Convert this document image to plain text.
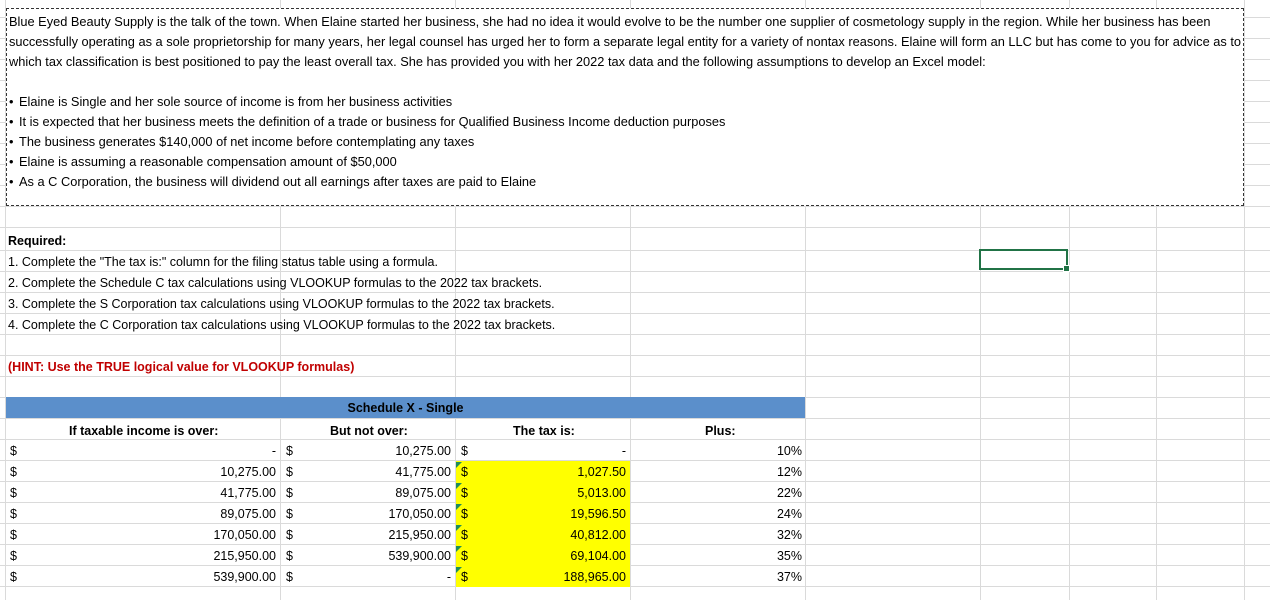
Blue Eyed Beauty Supply is the talk of the town. When Elaine started her business, she had no idea it would evolve to be the number one supplier of cosmetology supply in the region. While her business has been successfully operating as a sole proprietorship for many years, her legal counsel has urged her to form a separate legal entity for a variety of nontax reasons. Elaine will form an LLC but has come to you for advice as to which tax classification is best positioned to pay the least overall tax. She has provided you with her 2022 tax data and the following assumptions to develop an Excel model:

• Elaine is Single and her sole source of income is from her business activities
• It is expected that her business meets the definition of a trade or business for Qualified Business Income deduction purposes
• The business generates $140,000 of net income before contemplating any taxes
• Elaine is assuming a reasonable compensation amount of $50,000
• As a C Corporation, the business will dividend out all earnings after taxes are paid to Elaine
Required:
1. Complete the "The tax is:" column for the filing status table using a formula.
2. Complete the Schedule C tax calculations using VLOOKUP formulas to the 2022 tax brackets.
3. Complete the S Corporation tax calculations using VLOOKUP formulas to the 2022 tax brackets.
4. Complete the C Corporation tax calculations using VLOOKUP formulas to the 2022 tax brackets.
(HINT: Use the TRUE logical value for VLOOKUP formulas)
Schedule X - Single
If taxable income is over:	But not over:	The tax is:	Plus:
$	- $	10,275.00 $	-	10%
$	10,275.00 $	41,775.00 $	1,027.50	12%
$	41,775.00 $	89,075.00 $	5,013.00	22%
$	89,075.00 $	170,050.00 $	19,596.50	24%
$	170,050.00 $	215,950.00 $	40,812.00	32%
$	215,950.00 $	539,900.00 $	69,104.00	35%
$	539,900.00 $	- $	188,965.00	37%
